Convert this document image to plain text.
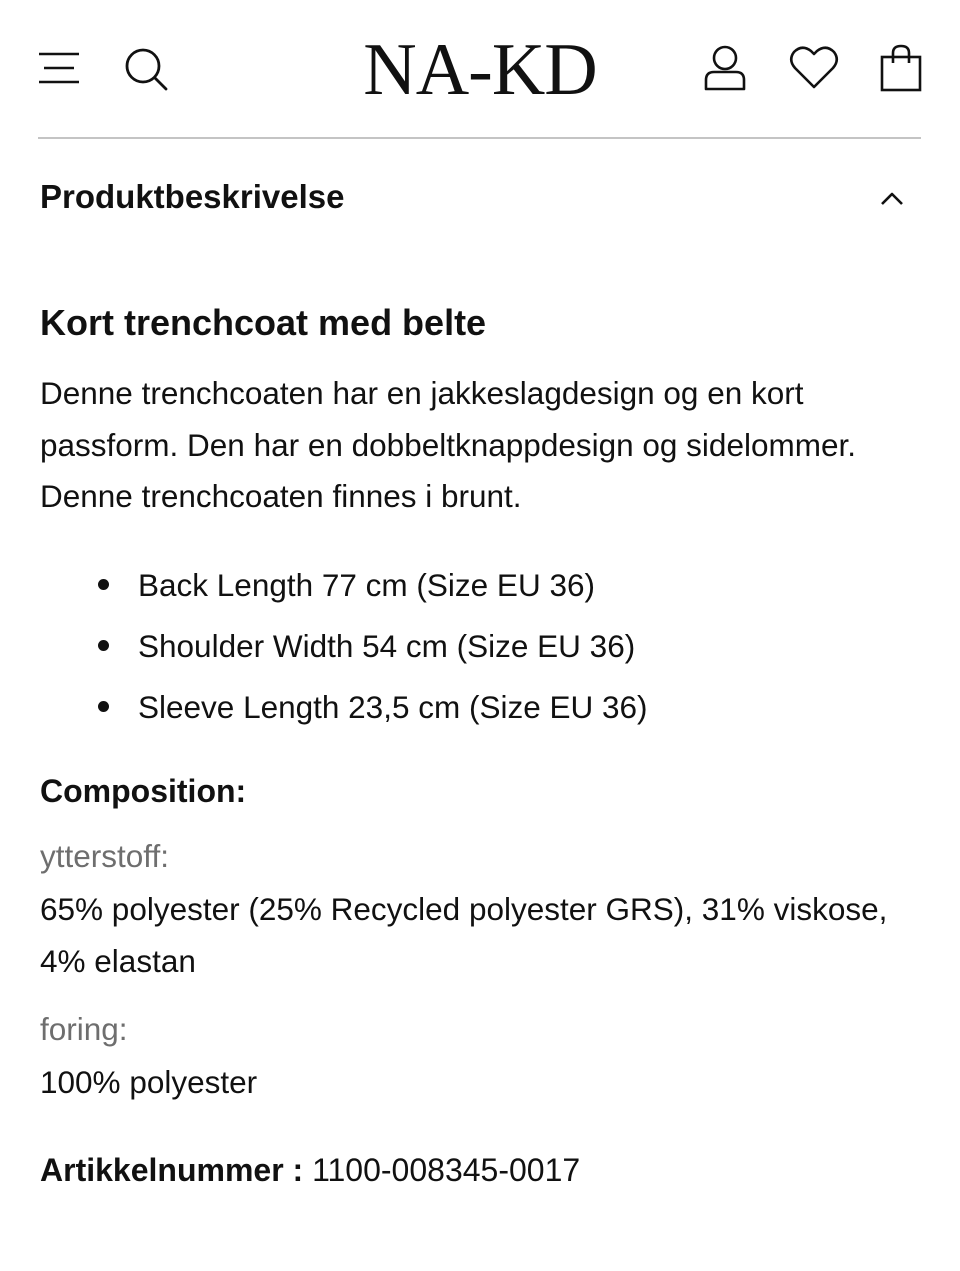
NA-KD
Produktbeskrivelse
Kort trenchcoat med belte

Denne trenchcoaten har en jakkeslagdesign og en kort passform. Den har en dobbeltknappdesign og sidelommer. Denne trenchcoaten finnes i brunt.

Back Length 77 cm (Size EU 36)
Shoulder Width 54 cm (Size EU 36)
Sleeve Length 23,5 cm (Size EU 36)
Composition:
ytterstoff:
65% polyester (25% Recycled polyester GRS), 31% viskose, 4% elastan
foring:
100% polyester
Artikkelnummer : 1100-008345-0017
